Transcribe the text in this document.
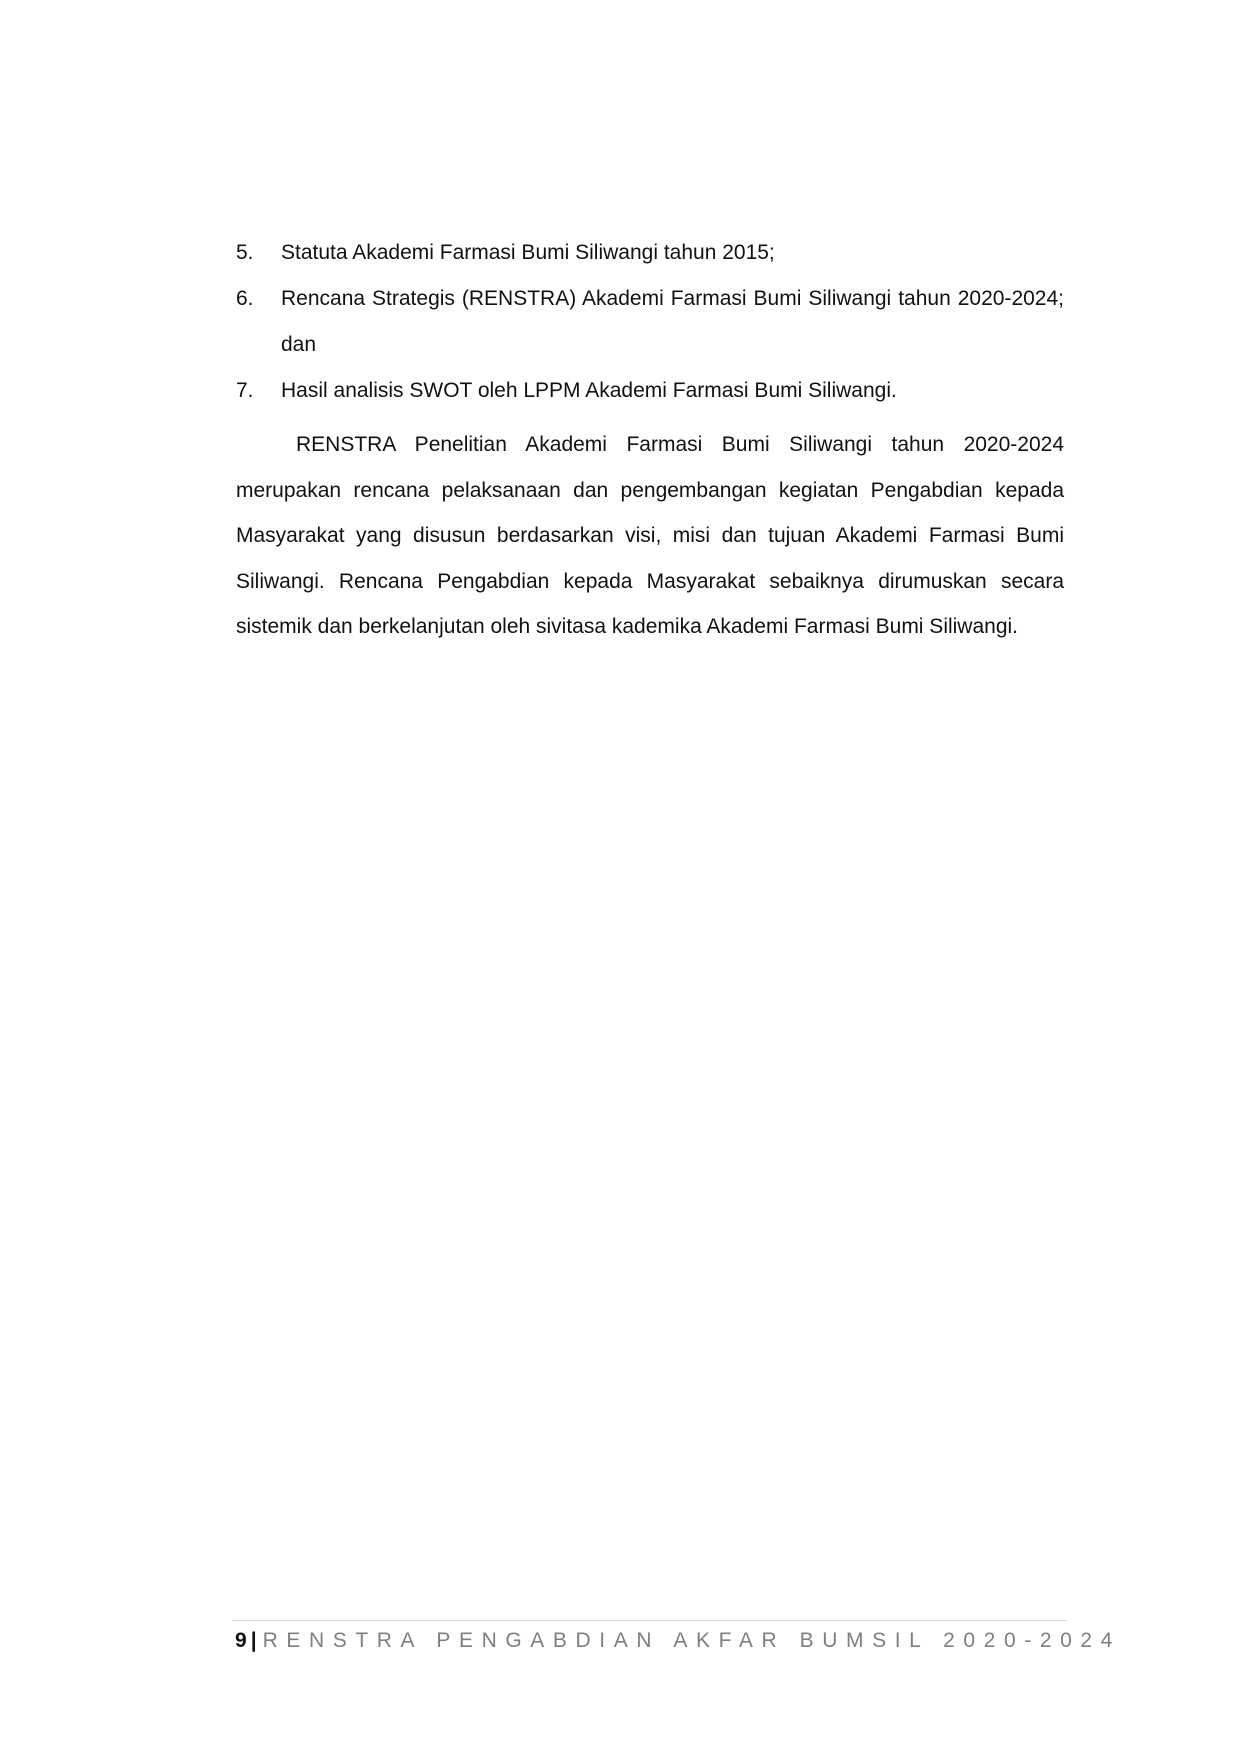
5. Statuta Akademi Farmasi Bumi Siliwangi tahun 2015;
6. Rencana Strategis (RENSTRA) Akademi Farmasi Bumi Siliwangi tahun 2020-2024; dan
7. Hasil analisis SWOT oleh LPPM Akademi Farmasi Bumi Siliwangi.

RENSTRA Penelitian Akademi Farmasi Bumi Siliwangi tahun 2020-2024 merupakan rencana pelaksanaan dan pengembangan kegiatan Pengabdian kepada Masyarakat yang disusun berdasarkan visi, misi dan tujuan Akademi Farmasi Bumi Siliwangi. Rencana Pengabdian kepada Masyarakat sebaiknya dirumuskan secara sistemik dan berkelanjutan oleh sivitasa kademika Akademi Farmasi Bumi Siliwangi.

9 | RENSTRA PENGABDIAN AKFAR BUMSIL 2020-2024
